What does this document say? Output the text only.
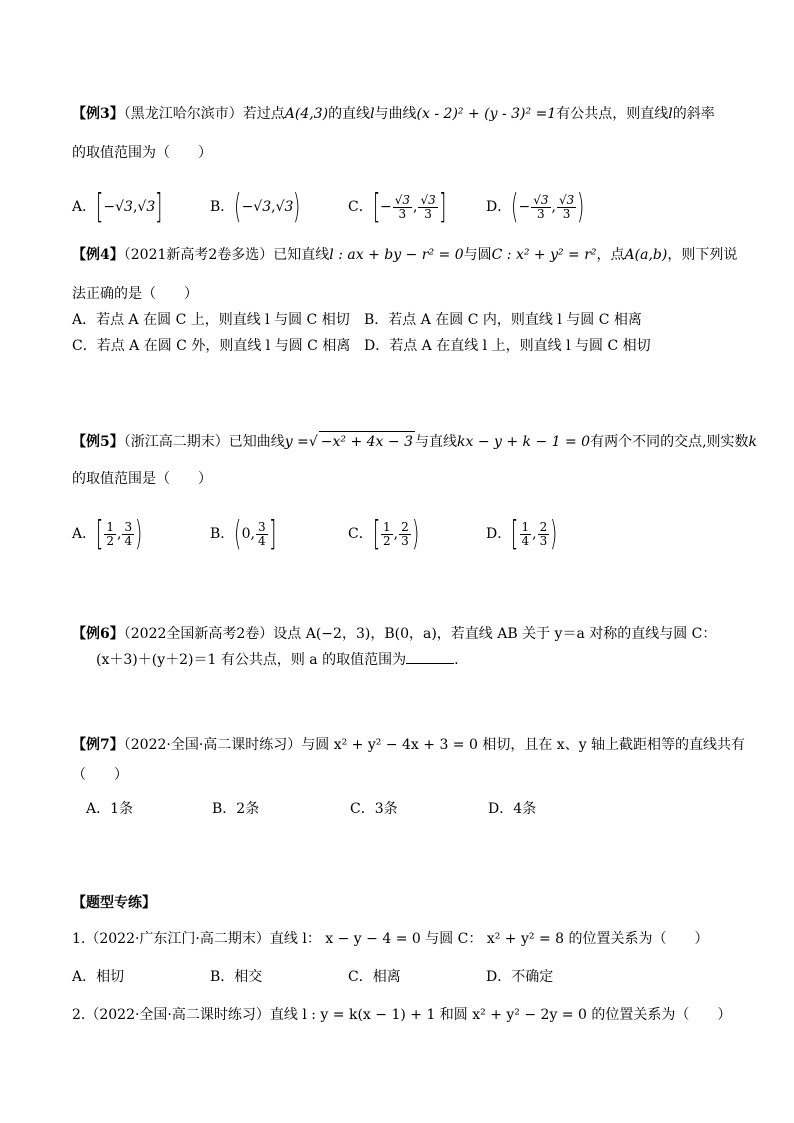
【例3】（黑龙江哈尔滨市）若过点A(4,3)的直线l与曲线(x - 2)² + (y - 3)² =1有公共点，则直线l的斜率
的取值范围为（　　）
A．[−√3,√3]	B．(−√3,√3)	C．[− $\frac{√3}{3}$ , $\frac{√3}{3}$ ]	D．(− $\frac{√3}{3}$ , $\frac{√3}{3}$ )
【例4】（2021新高考2卷多选）已知直线l : ax + by − r² = 0与圆C : x² + y² = r²，点A(a,b)，则下列说
法正确的是（　　）
A．若点 A 在圆 C 上，则直线 l 与圆 C 相切 B．若点 A 在圆 C 内，则直线 l 与圆 C 相离
C．若点 A 在圆 C 外，则直线 l 与圆 C 相离 D．若点 A 在直线 l 上，则直线 l 与圆 C 相切
【例5】（浙江高二期末）已知曲线y =√ −x² + 4x − 3 与直线kx − y + k − 1 = 0有两个不同的交点,则实数k
的取值范围是（　　）
A．[ $\frac{1}{2}$ , $\frac{3}{4}$ )	B．(0, $\frac{3}{4}$ ]	C．[ $\frac{1}{2}$ , $\frac{2}{3}$ )	D．[ $\frac{1}{4}$ , $\frac{2}{3}$ )
【例6】（2022全国新高考2卷）设点 A(−2，3)，B(0，a)，若直线 AB 关于 y＝a 对称的直线与圆 C：
(x＋3)＋(y＋2)＝1 有公共点，则 a 的取值范围为	.
【例7】（2022·全国·高二课时练习）与圆 x² + y² − 4x + 3 = 0 相切，且在 x、y 轴上截距相等的直线共有
（　　）
A．1条	B．2条	C．3条	D．4条
【题型专练】
1.（2022·广东江门·高二期末）直线 l： x − y − 4 = 0 与圆 C： x² + y² = 8 的位置关系为（　　）
A．相切	B．相交	C．相离	D．不确定
2.（2022·全国·高二课时练习）直线 l : y = k(x − 1) + 1 和圆 x² + y² − 2y = 0 的位置关系为（　　）
